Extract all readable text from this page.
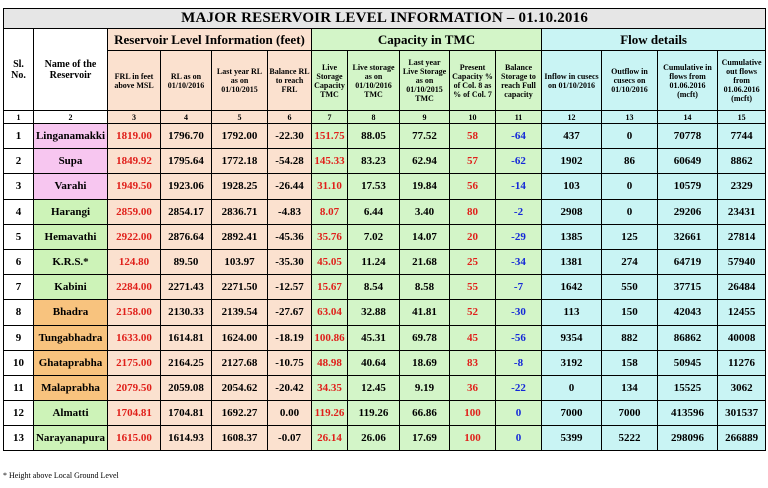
MAJOR RESERVOIR LEVEL INFORMATION – 01.10.2016														
Sl. No.	Name of the Reservoir	Reservoir Level Information (feet)				Capacity in TMC					Flow details			
		FRL in feet above MSL	RL as on 01/10/2016	Last year RL as on 01/10/2015	Balance RL to reach FRL	Live Storage Capacity TMC	Live storage as on 01/10/2016 TMC	Last year Live Storage as on 01/10/2015 TMC	Present Capacity % of Col. 8 as % of Col. 7	Balance Storage to reach Full capacity	Inflow in cusecs on 01/10/2016	Outflow in cusecs on 01/10/2016	Cumulative in flows from 01.06.2016 (mcft)	Cumulative out flows from 01.06.2016 (mcft)
1	2	3	4	5	6	7	8	9	10	11	12	13	14	15
1	Linganamakki	1819.00	1796.70	1792.00	-22.30	151.75	88.05	77.52	58	-64	437	0	70778	7744
2	Supa	1849.92	1795.64	1772.18	-54.28	145.33	83.23	62.94	57	-62	1902	86	60649	8862
3	Varahi	1949.50	1923.06	1928.25	-26.44	31.10	17.53	19.84	56	-14	103	0	10579	2329
4	Harangi	2859.00	2854.17	2836.71	-4.83	8.07	6.44	3.40	80	-2	2908	0	29206	23431
5	Hemavathi	2922.00	2876.64	2892.41	-45.36	35.76	7.02	14.07	20	-29	1385	125	32661	27814
6	K.R.S.*	124.80	89.50	103.97	-35.30	45.05	11.24	21.68	25	-34	1381	274	64719	57940
7	Kabini	2284.00	2271.43	2271.50	-12.57	15.67	8.54	8.58	55	-7	1642	550	37715	26484
8	Bhadra	2158.00	2130.33	2139.54	-27.67	63.04	32.88	41.81	52	-30	113	150	42043	12455
9	Tungabhadra	1633.00	1614.81	1624.00	-18.19	100.86	45.31	69.78	45	-56	9354	882	86862	40008
10	Ghataprabha	2175.00	2164.25	2127.68	-10.75	48.98	40.64	18.69	83	-8	3192	158	50945	11276
11	Malaprabha	2079.50	2059.08	2054.62	-20.42	34.35	12.45	9.19	36	-22	0	134	15525	3062
12	Almatti	1704.81	1704.81	1692.27	0.00	119.26	119.26	66.86	100	0	7000	7000	413596	301537
13	Narayanapura	1615.00	1614.93	1608.37	-0.07	26.14	26.06	17.69	100	0	5399	5222	298096	266889
* Height above Local Ground Level
